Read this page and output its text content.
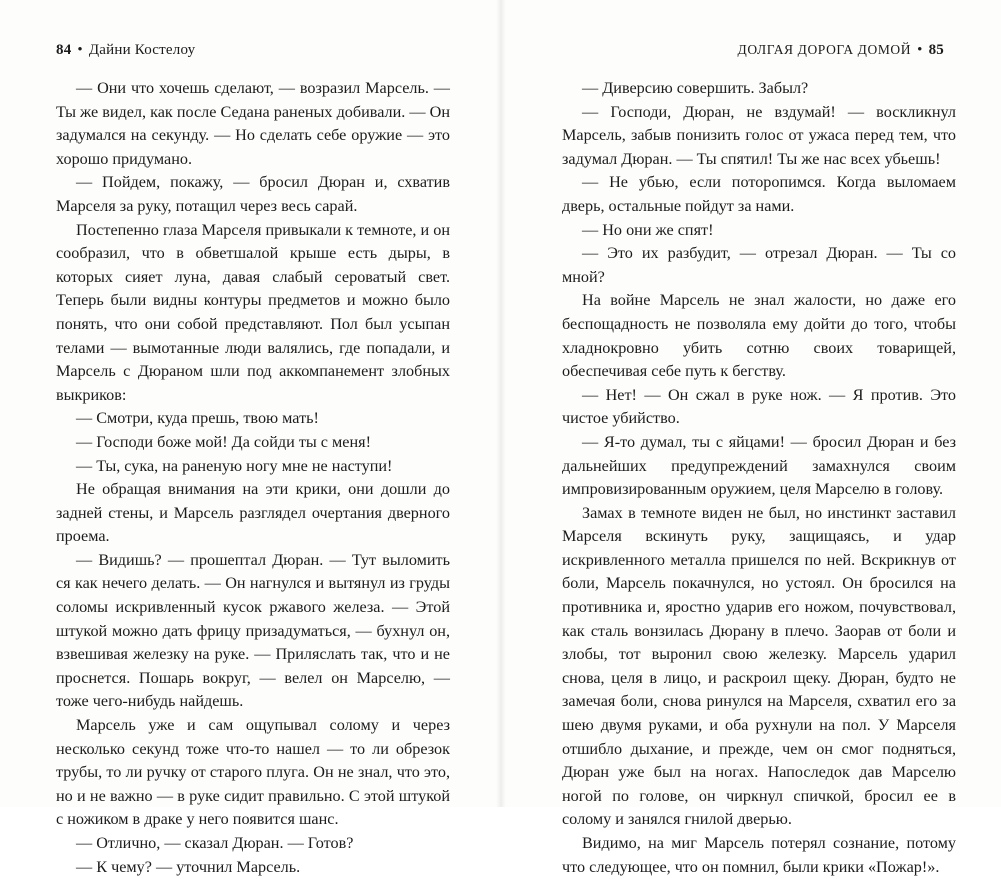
84 • Дайни Костелоу

— Они что хочешь сделают, — возразил Марсель. — Ты же видел, как после Седана раненых добивали. — Он задумался на секунду. — Но сделать себе оружие — это хорошо придумано.

— Пойдем, покажу, — бросил Дюран и, схватив Марселя за руку, потащил через весь сарай.

Постепенно глаза Марселя привыкали к темноте, и он сообразил, что в обветшалой крыше есть дыры, в которых сияет луна, давая слабый сероватый свет. Теперь были видны контуры предметов и можно было понять, что они собой представляют. Пол был усыпан телами — вымотанные люди валялись, где попадали, и Марсель с Дюраном шли под аккомпанемент злобных выкриков:

— Смотри, куда прешь, твою мать!

— Господи боже мой! Да сойди ты с меня!

— Ты, сука, на раненую ногу мне не наступи!

Не обращая внимания на эти крики, они дошли до задней стены, и Марсель разглядел очертания дверного проема.

— Видишь? — прошептал Дюран. — Тут выломить ся как нечего делать. — Он нагнулся и вытянул из груды соломы искривленный кусок ржавого железа. — Этой штукой можно дать фрицу призадуматься, — бухнул он, взвешивая железку на руке. — Приляслать так, что и не проснется. Пошарь вокруг, — велел он Марселю, — тоже чего-нибудь найдешь.

Марсель уже и сам ощупывал солому и через несколько секунд тоже что-то нашел — то ли обрезок трубы, то ли ручку от старого плуга. Он не знал, что это, но и не важно — в руке сидит правильно. С этой штукой с ножиком в драке у него появится шанс.

— Отлично, — сказал Дюран. — Готов?

— К чему? — уточнил Марсель.

ДОЛГАЯ ДОРОГА ДОМОЙ • 85

— Диверсию совершить. Забыл?

— Господи, Дюран, не вздумай! — воскликнул Марсель, забыв понизить голос от ужаса перед тем, что задумал Дюран. — Ты спятил! Ты же нас всех убьешь!

— Не убью, если поторопимся. Когда выломаем дверь, остальные пойдут за нами.

— Но они же спят!

— Это их разбудит, — отрезал Дюран. — Ты со мной?

На войне Марсель не знал жалости, но даже его беспощадность не позволяла ему дойти до того, чтобы хладнокровно убить сотню своих товарищей, обеспечивая себе путь к бегству.

— Нет! — Он сжал в руке нож. — Я против. Это чистое убийство.

— Я-то думал, ты с яйцами! — бросил Дюран и без дальнейших предупреждений замахнулся своим импровизированным оружием, целя Марселю в голову.

Замах в темноте виден не был, но инстинкт заставил Марселя вскинуть руку, защищаясь, и удар искривленного металла пришелся по ней. Вскрикнув от боли, Марсель покачнулся, но устоял. Он бросился на противника и, яростно ударив его ножом, почувствовал, как сталь вонзилась Дюрану в плечо. Заорав от боли и злобы, тот выронил свою железку. Марсель ударил снова, целя в лицо, и раскроил щеку. Дюран, будто не замечая боли, снова ринулся на Марселя, схватил его за шею двумя руками, и оба рухнули на пол. У Марселя отшибло дыхание, и прежде, чем он смог подняться, Дюран уже был на ногах. Напоследок дав Марселю ногой по голове, он чиркнул спичкой, бросил ее в солому и занялся гнилой дверью.

Видимо, на миг Марсель потерял сознание, потому что следующее, что он помнил, были крики «Пожар!».
